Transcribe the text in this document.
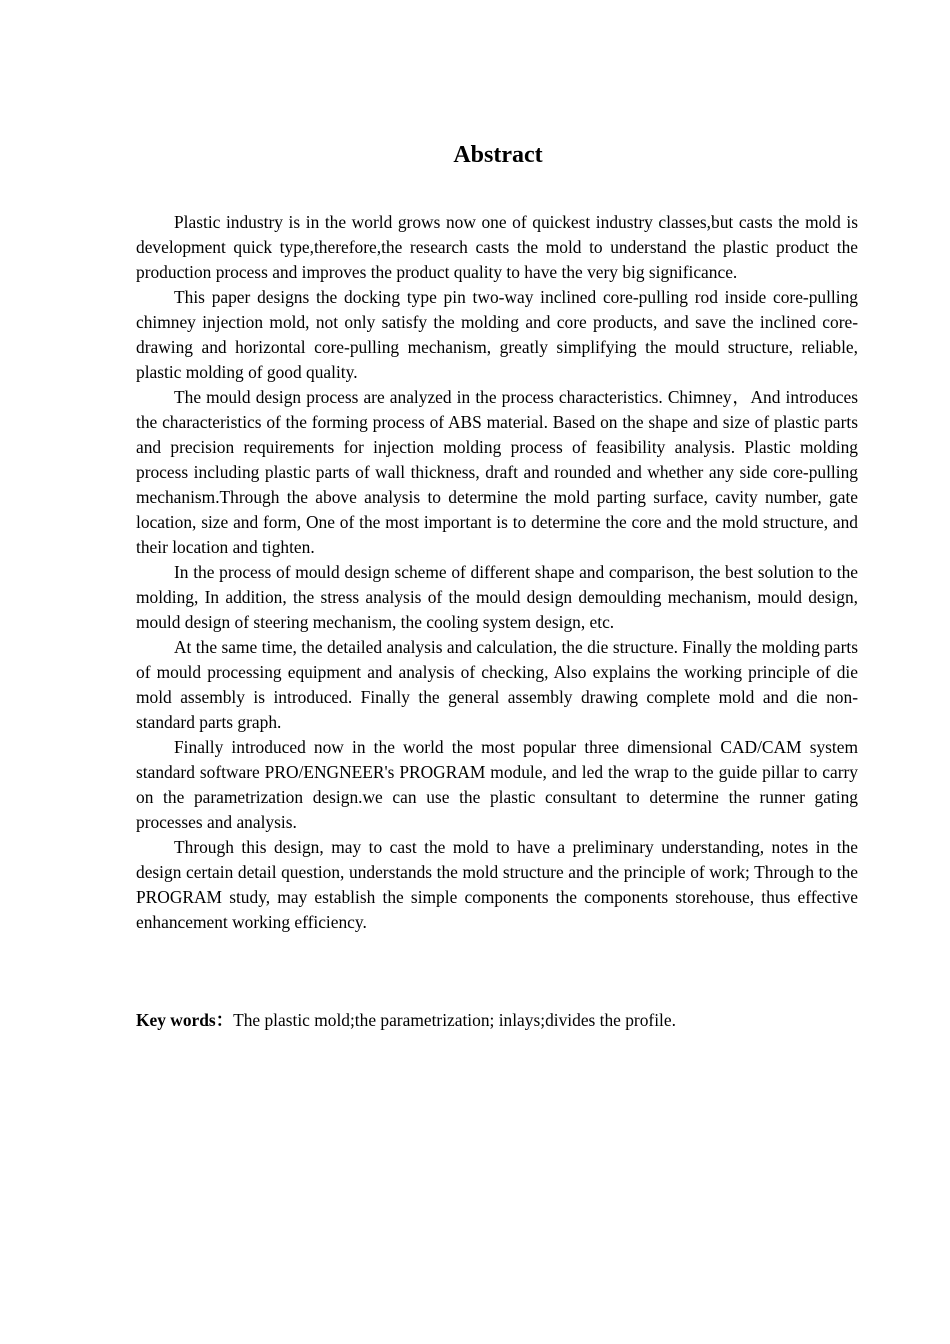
Abstract

Plastic industry is in the world grows now one of quickest industry classes,but casts the mold is development quick type,therefore,the research casts the mold to understand the plastic product the production process and improves the product quality to have the very big significance.

This paper designs the docking type pin two-way inclined core-pulling rod inside core-pulling chimney injection mold, not only satisfy the molding and core products, and save the inclined core-drawing and horizontal core-pulling mechanism, greatly simplifying the mould structure, reliable, plastic molding of good quality.

The mould design process are analyzed in the process characteristics. Chimney，And introduces the characteristics of the forming process of ABS material. Based on the shape and size of plastic parts and precision requirements for injection molding process of feasibility analysis. Plastic molding process including plastic parts of wall thickness, draft and rounded and whether any side core-pulling mechanism.Through the above analysis to determine the mold parting surface, cavity number, gate location, size and form, One of the most important is to determine the core and the mold structure, and their location and tighten.

In the process of mould design scheme of different shape and comparison, the best solution to the molding, In addition, the stress analysis of the mould design demoulding mechanism, mould design, mould design of steering mechanism, the cooling system design, etc.

At the same time, the detailed analysis and calculation, the die structure. Finally the molding parts of mould processing equipment and analysis of checking, Also explains the working principle of die mold assembly is introduced. Finally the general assembly drawing complete mold and die non-standard parts graph.

Finally introduced now in the world the most popular three dimensional CAD/CAM system standard software PRO/ENGNEER's PROGRAM module, and led the wrap to the guide pillar to carry on the parametrization design.we can use the plastic consultant to determine the runner gating processes and analysis.

Through this design, may to cast the mold to have a preliminary understanding, notes in the design certain detail question, understands the mold structure and the principle of work; Through to the PROGRAM study, may establish the simple components the components storehouse, thus effective enhancement working efficiency.

Key words：The plastic mold;the parametrization; inlays;divides the profile.
